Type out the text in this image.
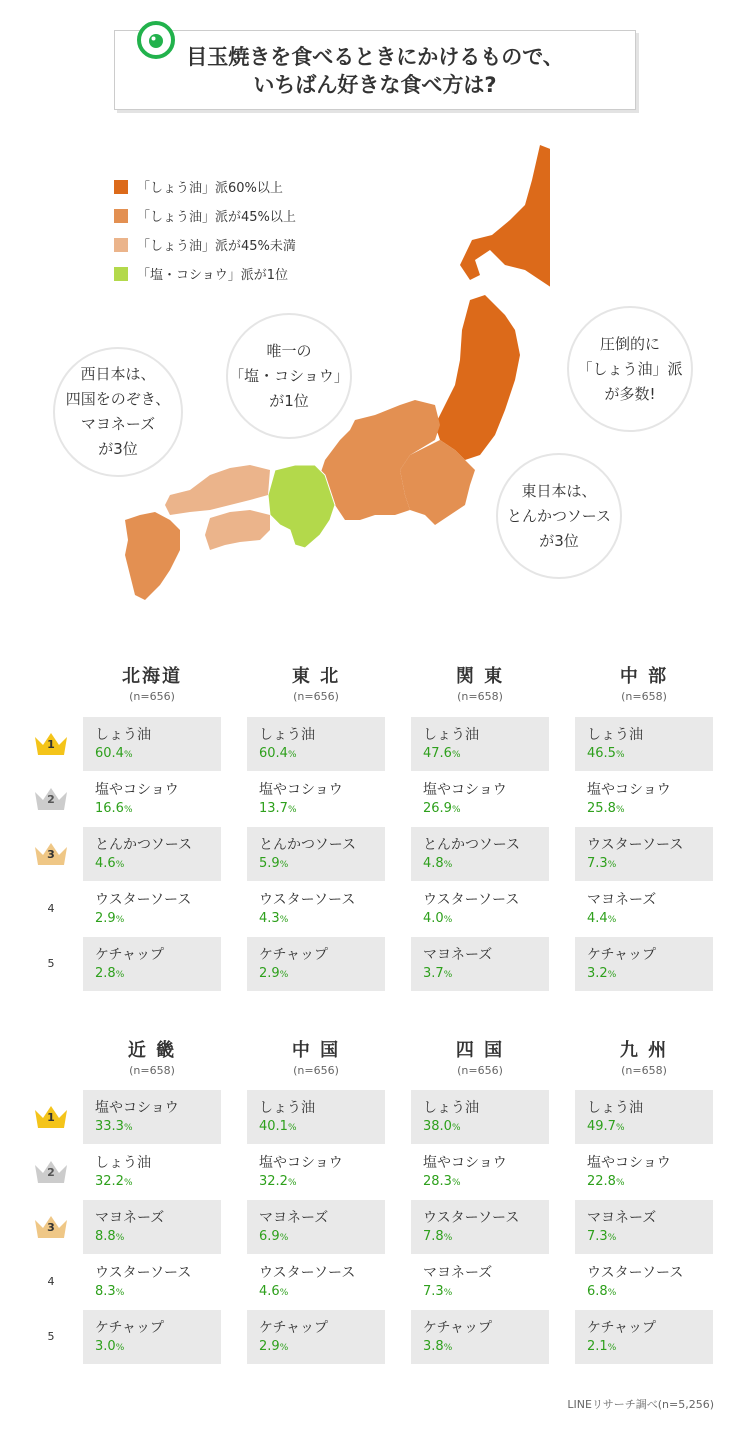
目玉焼きを食べるときにかけるもので、
いちばん好きな食べ方は?
「しょう油」派60%以上
「しょう油」派が45%以上
「しょう油」派が45%未満
「塩・コショウ」派が1位
西日本は、
四国をのぞき、
マヨネーズ
が3位
唯一の
「塩・コショウ」
が1位
圧倒的に
「しょう油」派
が多数!
東日本は、
とんかつソース
が3位
1
2
3
4
5
北海道
(n=656)
しょう油
60.4%
塩やコショウ
16.6%
とんかつソース
4.6%
ウスターソース
2.9%
ケチャップ
2.8%
東 北
(n=656)
しょう油
60.4%
塩やコショウ
13.7%
とんかつソース
5.9%
ウスターソース
4.3%
ケチャップ
2.9%
関 東
(n=658)
しょう油
47.6%
塩やコショウ
26.9%
とんかつソース
4.8%
ウスターソース
4.0%
マヨネーズ
3.7%
中 部
(n=658)
しょう油
46.5%
塩やコショウ
25.8%
ウスターソース
7.3%
マヨネーズ
4.4%
ケチャップ
3.2%
1
2
3
4
5
近 畿
(n=658)
塩やコショウ
33.3%
しょう油
32.2%
マヨネーズ
8.8%
ウスターソース
8.3%
ケチャップ
3.0%
中 国
(n=656)
しょう油
40.1%
塩やコショウ
32.2%
マヨネーズ
6.9%
ウスターソース
4.6%
ケチャップ
2.9%
四 国
(n=656)
しょう油
38.0%
塩やコショウ
28.3%
ウスターソース
7.8%
マヨネーズ
7.3%
ケチャップ
3.8%
九 州
(n=658)
しょう油
49.7%
塩やコショウ
22.8%
マヨネーズ
7.3%
ウスターソース
6.8%
ケチャップ
2.1%
LINEリサーチ調べ(n=5,256)
